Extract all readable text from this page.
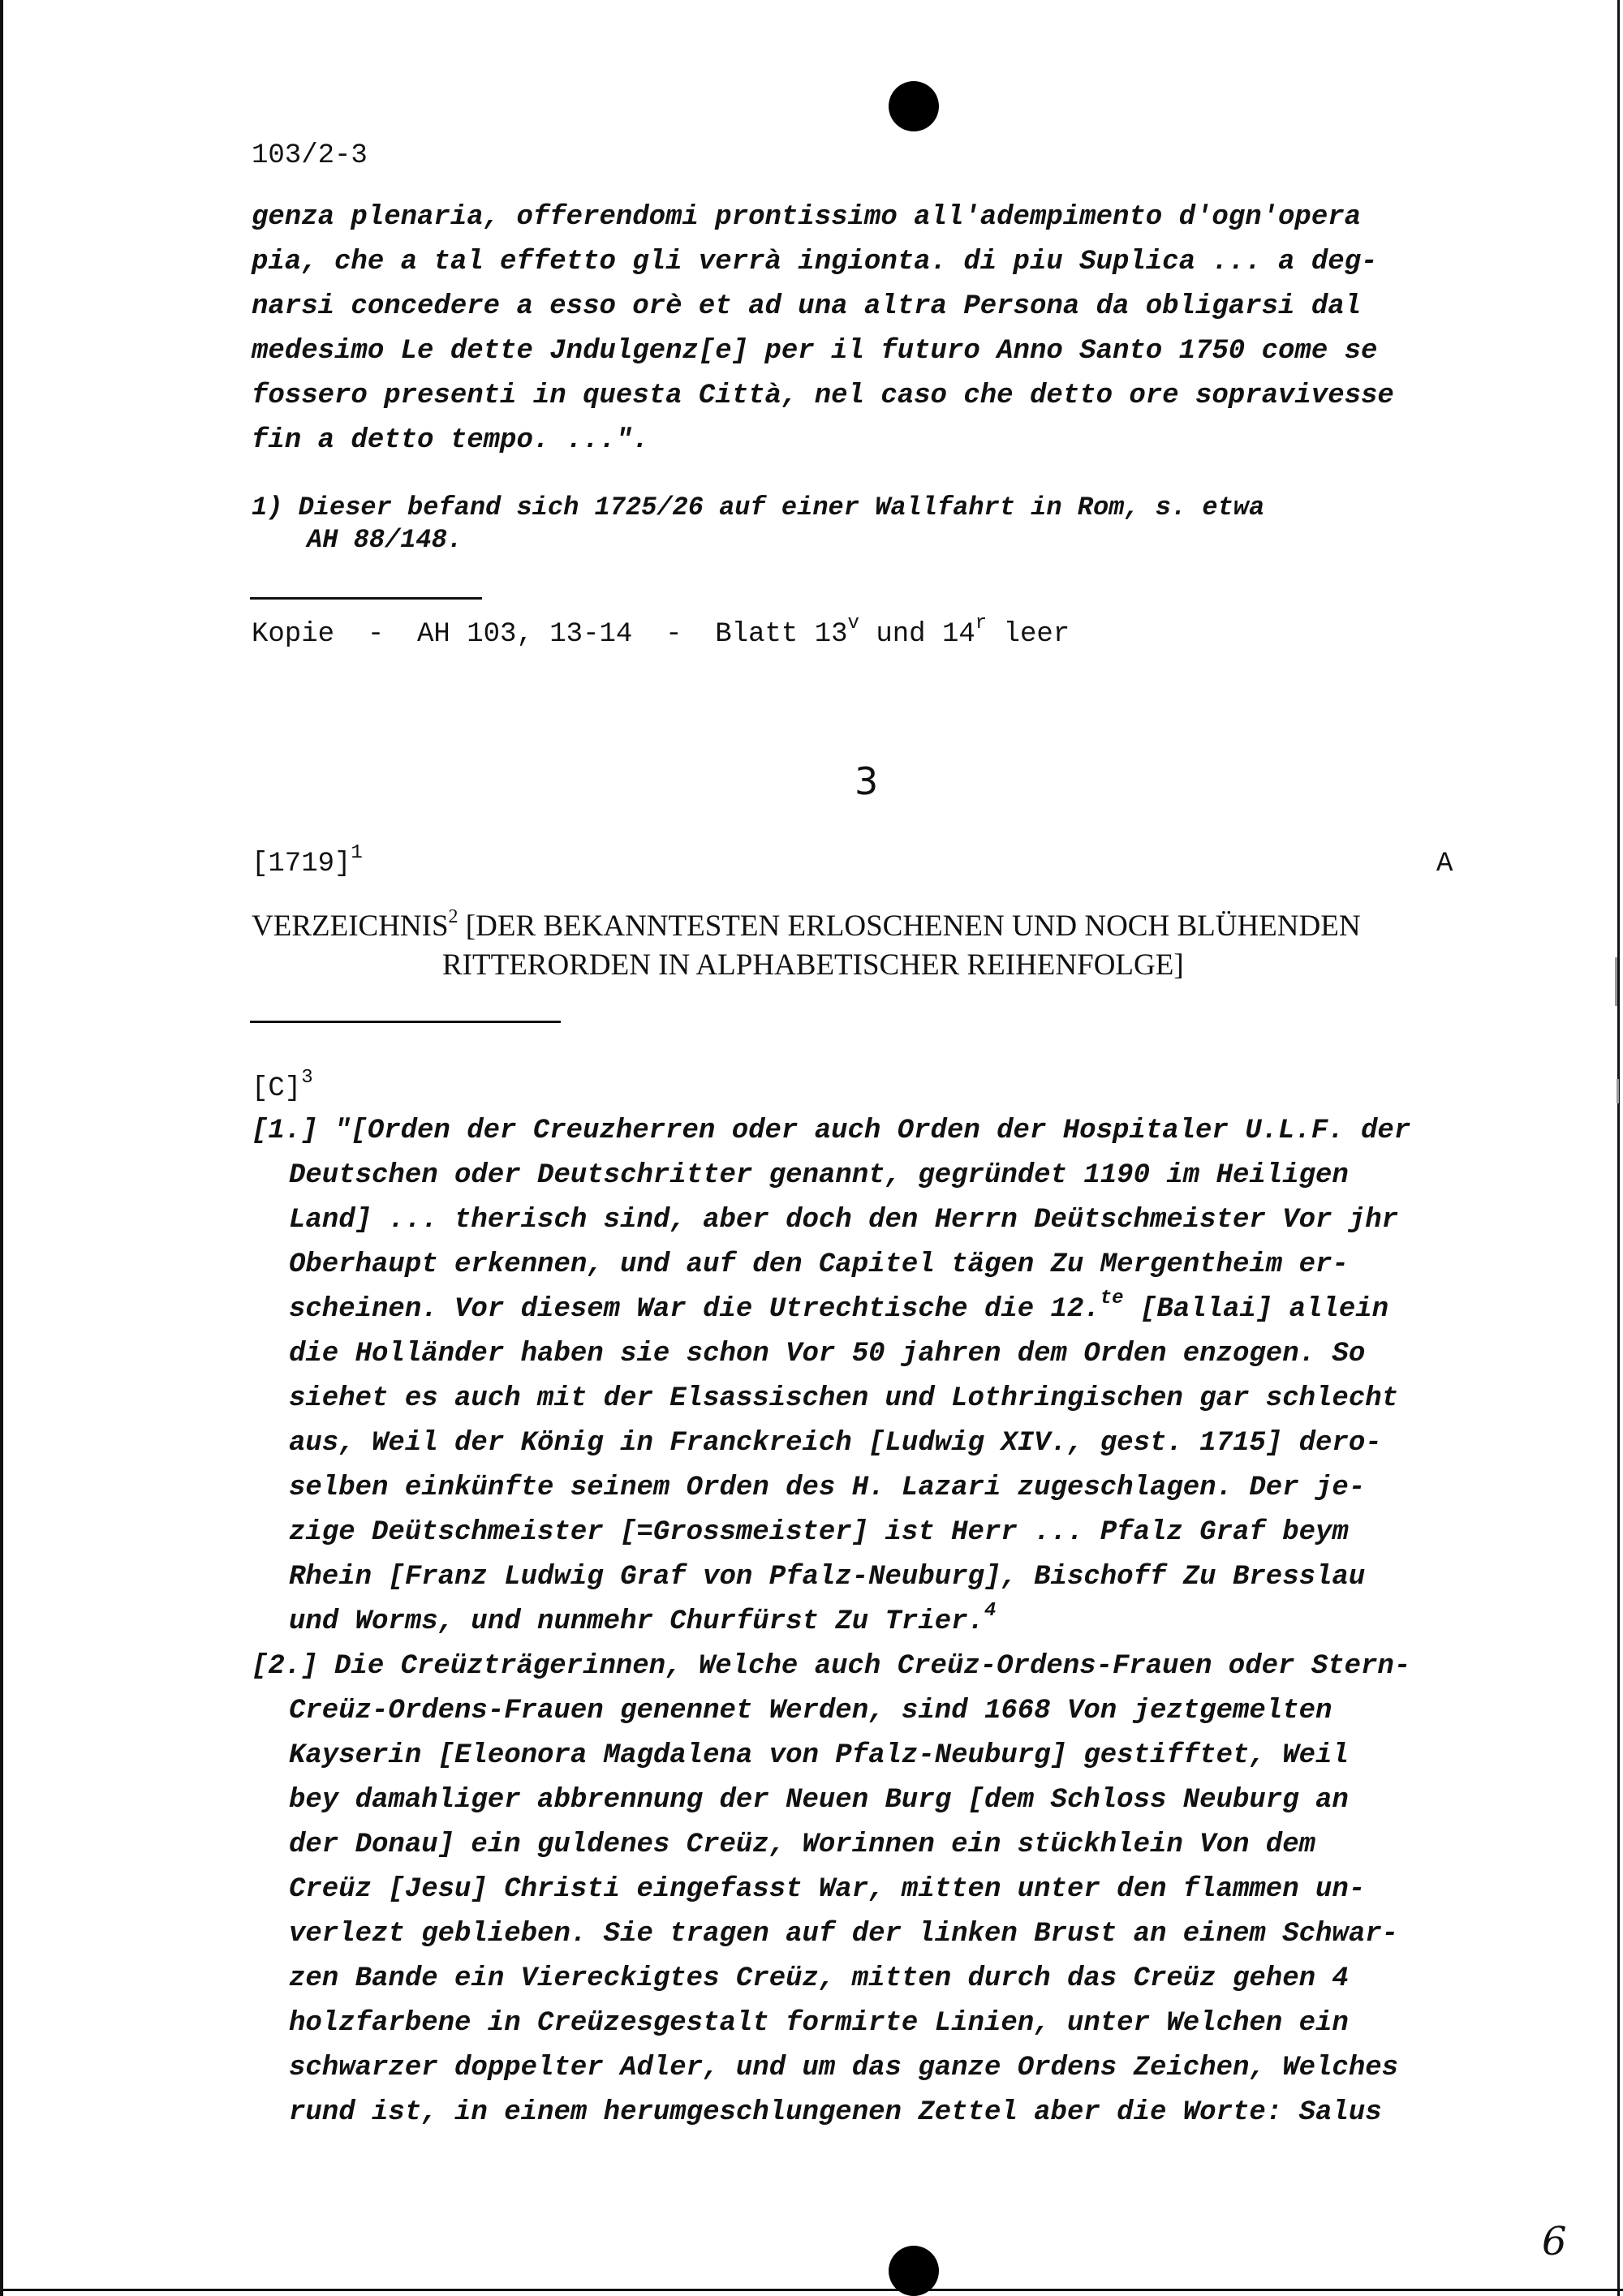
103/2-3
genza plenaria, offerendomi prontissimo all'adempimento d'ogn'opera
pia, che a tal effetto gli verrà ingionta. di piu Suplica ... a deg-
narsi concedere a esso orè et ad una altra Persona da obligarsi dal
medesimo Le dette Jndulgenz[e] per il futuro Anno Santo 1750 come se
fossero presenti in questa Città, nel caso che detto ore sopravivesse
fin a detto tempo. ...".
1) Dieser befand sich 1725/26 auf einer Wallfahrt in Rom, s. etwa
AH 88/148.
Kopie  -  AH 103, 13-14  -  Blatt 13$^v$ und 14$^r$ leer
3
$[1719]^1$	A
VERZEICHNIS$^2$ [DER BEKANNTESTEN ERLOSCHENEN UND NOCH BLÜHENDEN
RITTERORDEN IN ALPHABETISCHER REIHENFOLGE]
$[C]^3$
[1.] "[Orden der Creuzherren oder auch Orden der Hospitaler U.L.F. der
Deutschen oder Deutschritter genannt, gegründet 1190 im Heiligen
Land] ... therisch sind, aber doch den Herrn Deütschmeister Vor jhr
Oberhaupt erkennen, und auf den Capitel tägen Zu Mergentheim er-
scheinen. Vor diesem War die Utrechtische die 12.$^{te}$ [Ballai] allein
die Holländer haben sie schon Vor 50 jahren dem Orden enzogen. So
siehet es auch mit der Elsassischen und Lothringischen gar schlecht
aus, Weil der König in Franckreich [Ludwig XIV., gest. 1715] dero-
selben einkünfte seinem Orden des H. Lazari zugeschlagen. Der je-
zige Deütschmeister [=Grossmeister] ist Herr ... Pfalz Graf beym
Rhein [Franz Ludwig Graf von Pfalz-Neuburg], Bischoff Zu Bresslau
und Worms, und nunmehr Churfürst Zu Trier.$^4$
[2.] Die Creüzträgerinnen, Welche auch Creüz-Ordens-Frauen oder Stern-
Creüz-Ordens-Frauen genennet Werden, sind 1668 Von jeztgemelten
Kayserin [Eleonora Magdalena von Pfalz-Neuburg] gestifftet, Weil
bey damahliger abbrennung der Neuen Burg [dem Schloss Neuburg an
der Donau] ein guldenes Creüz, Worinnen ein stückhlein Von dem
Creüz [Jesu] Christi eingefasst War, mitten unter den flammen un-
verlezt geblieben. Sie tragen auf der linken Brust an einem Schwar-
zen Bande ein Viereckigtes Creüz, mitten durch das Creüz gehen 4
holzfarbene in Creüzesgestalt formirte Linien, unter Welchen ein
schwarzer doppelter Adler, und um das ganze Ordens Zeichen, Welches
rund ist, in einem herumgeschlungenen Zettel aber die Worte: Salus
6
